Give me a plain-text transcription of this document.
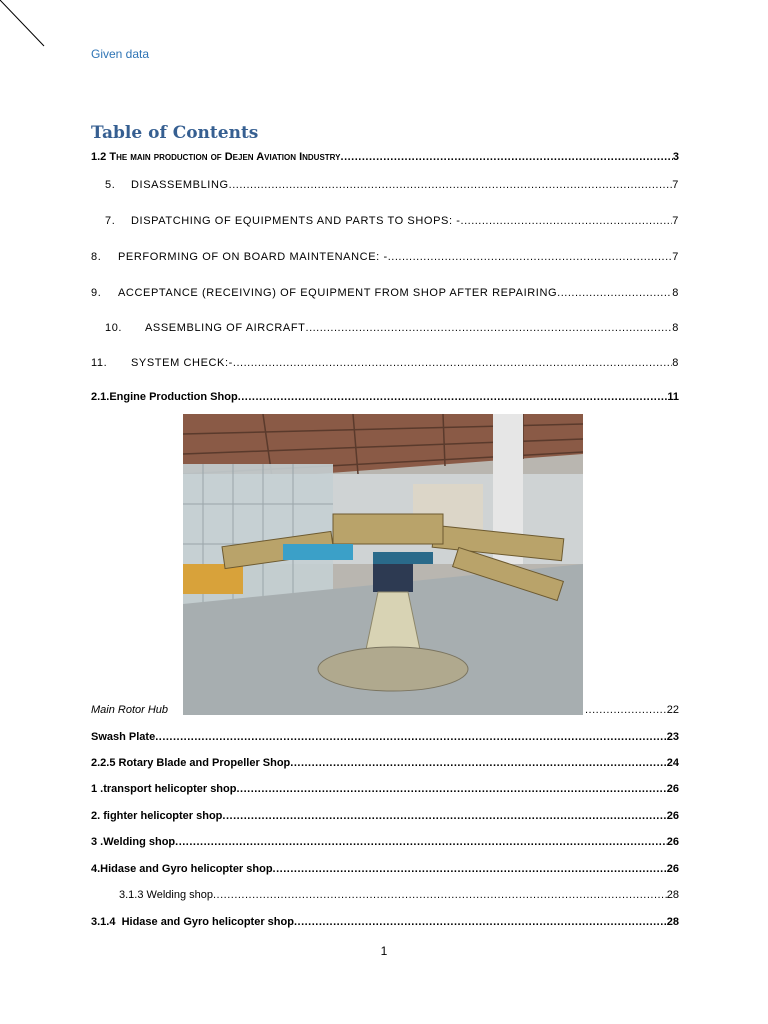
Given data
Table of Contents
1.2 The main production of Dejen Aviation Industry .....	3
5. DISASSEMBLING .....	7
7. DISPATCHING OF EQUIPMENTS AND PARTS TO SHOPS: - .....	7
8. PERFORMING OF ON BOARD MAINTENANCE: - .....	7
9. ACCEPTANCE (RECEIVING) OF EQUIPMENT FROM SHOP AFTER REPAIRING .....	8
10. ASSEMBLING OF AIRCRAFT .....	8
11. SYSTEM CHECK:- .....	8
2.1.Engine Production Shop .....	11
Main Rotor Hub .....	22
Swash Plate .....	23
2.2.5 Rotary Blade and Propeller Shop .....	24
1 .transport helicopter shop .....	26
2. fighter helicopter shop .....	26
3 .Welding shop .....	26
4.Hidase and Gyro helicopter shop .....	26
3.1.3 Welding shop .....	28
3.1.4  Hidase and Gyro helicopter shop .....	28
1
